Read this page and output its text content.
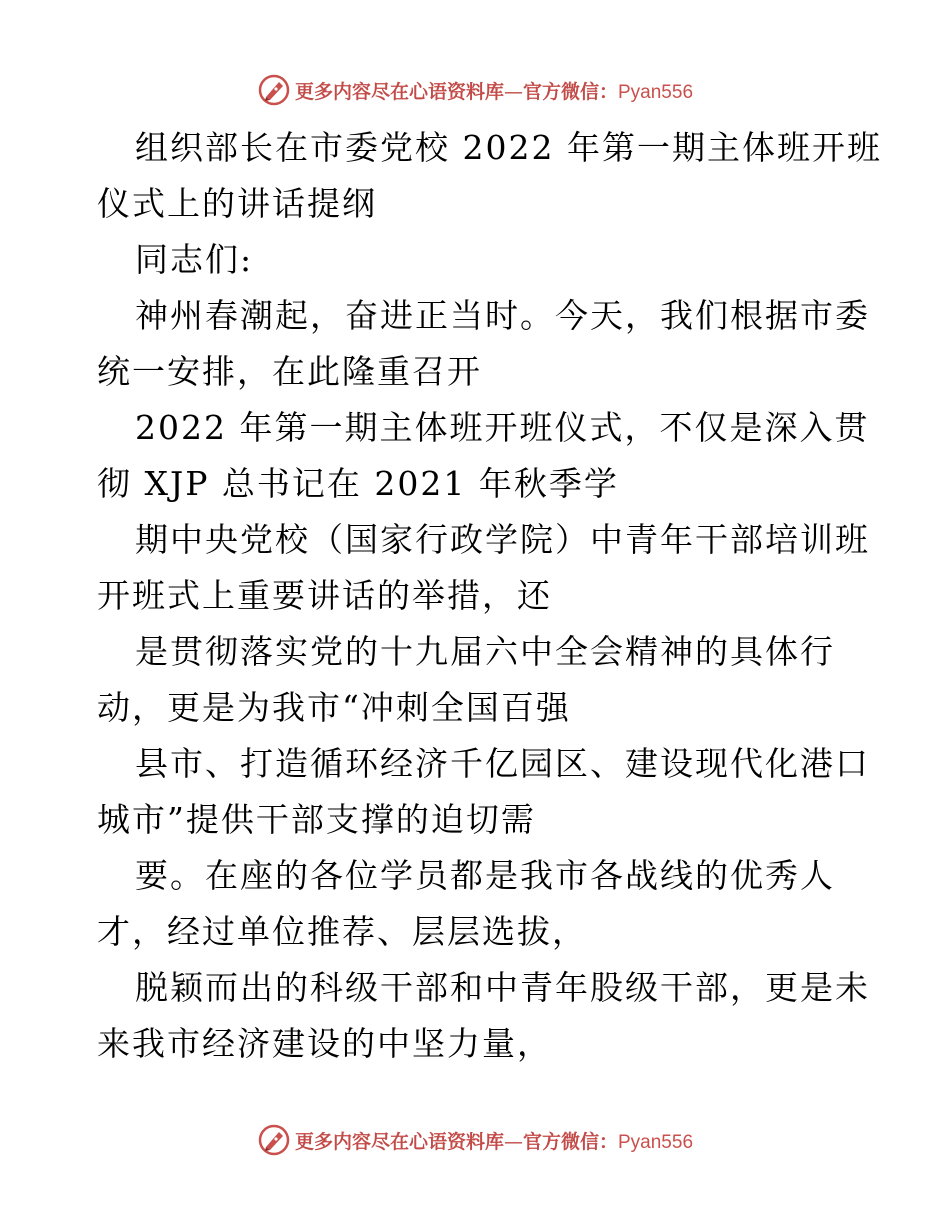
更多内容尽在心语资料库—官方微信：Pyan556
组织部长在市委党校 2022 年第一期主体班开班
仪式上的讲话提纲
同志们:
神州春潮起，奋进正当时。今天，我们根据市委
统一安排，在此隆重召开
2022 年第一期主体班开班仪式，不仅是深入贯
彻 XJP 总书记在 2021 年秋季学
期中央党校（国家行政学院）中青年干部培训班
开班式上重要讲话的举措，还
是贯彻落实党的十九届六中全会精神的具体行
动，更是为我市“冲刺全国百强
县市、打造循环经济千亿园区、建设现代化港口
城市”提供干部支撑的迫切需
要。在座的各位学员都是我市各战线的优秀人
才，经过单位推荐、层层选拔，
脱颖而出的科级干部和中青年股级干部，更是未
来我市经济建设的中坚力量，
更多内容尽在心语资料库—官方微信：Pyan556
